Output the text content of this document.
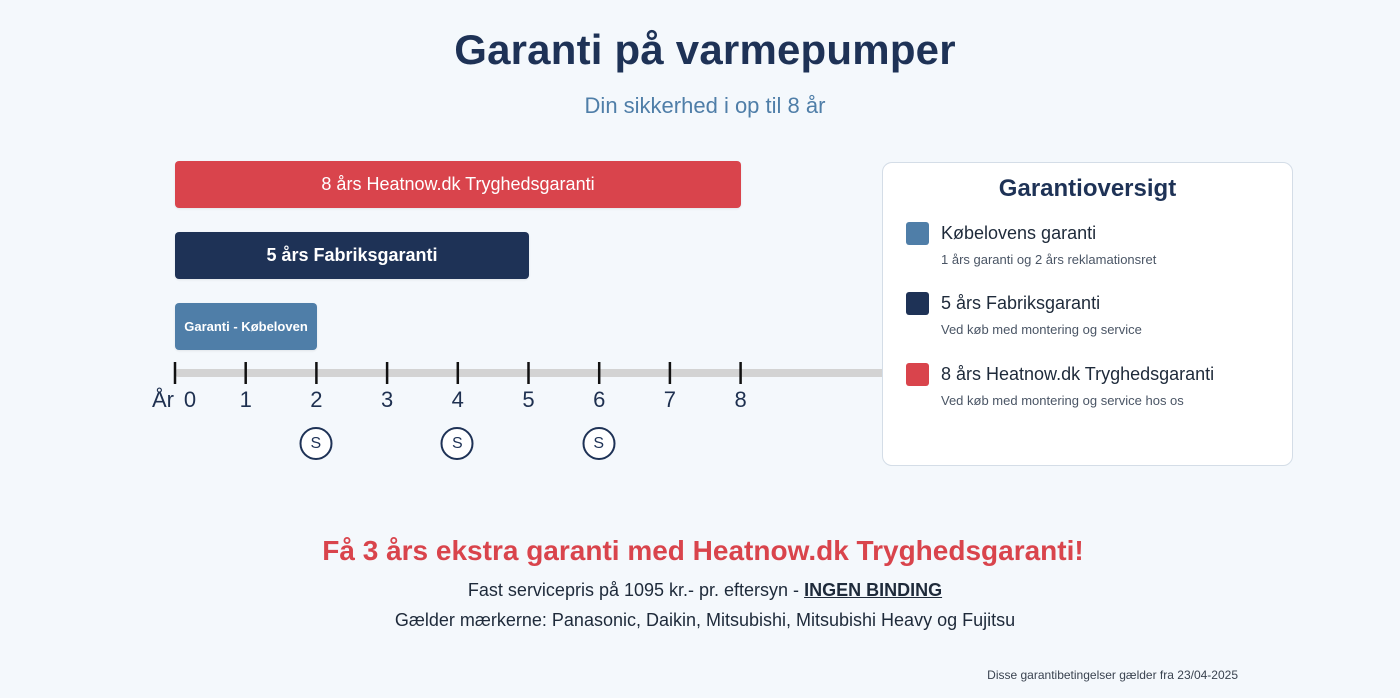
Garanti på varmepumper
Din sikkerhed i op til 8 år
8 års Heatnow.dk Tryghedsgaranti
5 års Fabriksgaranti
Garanti - Købeloven
År 0 1	2	3	4	5	6	7	8
S	S	S
Garantioversigt
Købelovens garanti
1 års garanti og 2 års reklamationsret
5 års Fabriksgaranti
Ved køb med montering og service
8 års Heatnow.dk Tryghedsgaranti
Ved køb med montering og service hos os
Få 3 års ekstra garanti med Heatnow.dk Tryghedsgaranti!
Fast servicepris på 1095 kr.- pr. eftersyn - INGEN BINDING
Gælder mærkerne: Panasonic, Daikin, Mitsubishi, Mitsubishi Heavy og Fujitsu
Disse garantibetingelser gælder fra 23/04-2025
